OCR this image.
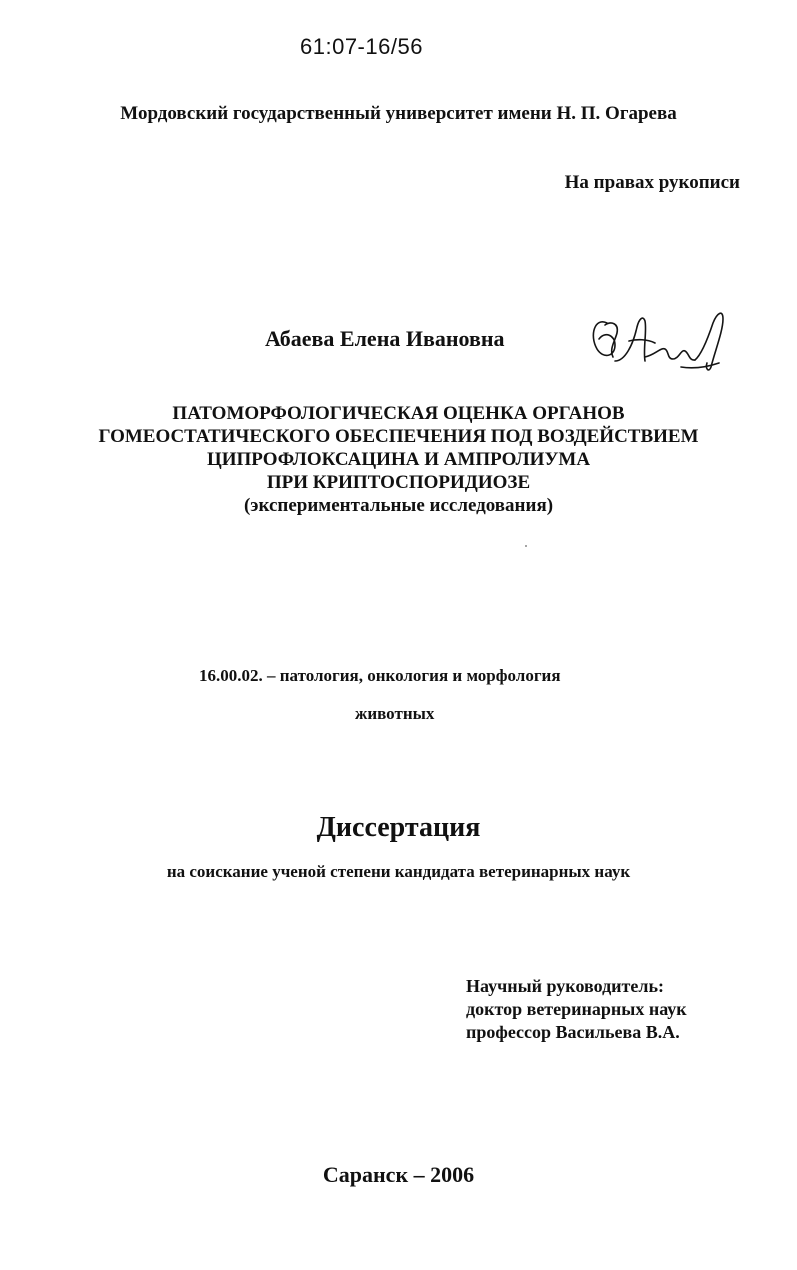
61:07-16/56
Мордовский государственный университет имени Н. П. Огарева
На правах рукописи
Абаева Елена Ивановна
ПАТОМОРФОЛОГИЧЕСКАЯ ОЦЕНКА ОРГАНОВ
ГОМЕОСТАТИЧЕСКОГО ОБЕСПЕЧЕНИЯ ПОД ВОЗДЕЙСТВИЕМ
ЦИПРОФЛОКСАЦИНА И АМПРОЛИУМА
ПРИ КРИПТОСПОРИДИОЗЕ
(экспериментальные исследования)
16.00.02. – патология, онкология и морфология
животных
Диссертация
на соискание ученой степени кандидата ветеринарных наук
Научный руководитель:
доктор ветеринарных наук
профессор Васильева В.А.
Саранск – 2006
